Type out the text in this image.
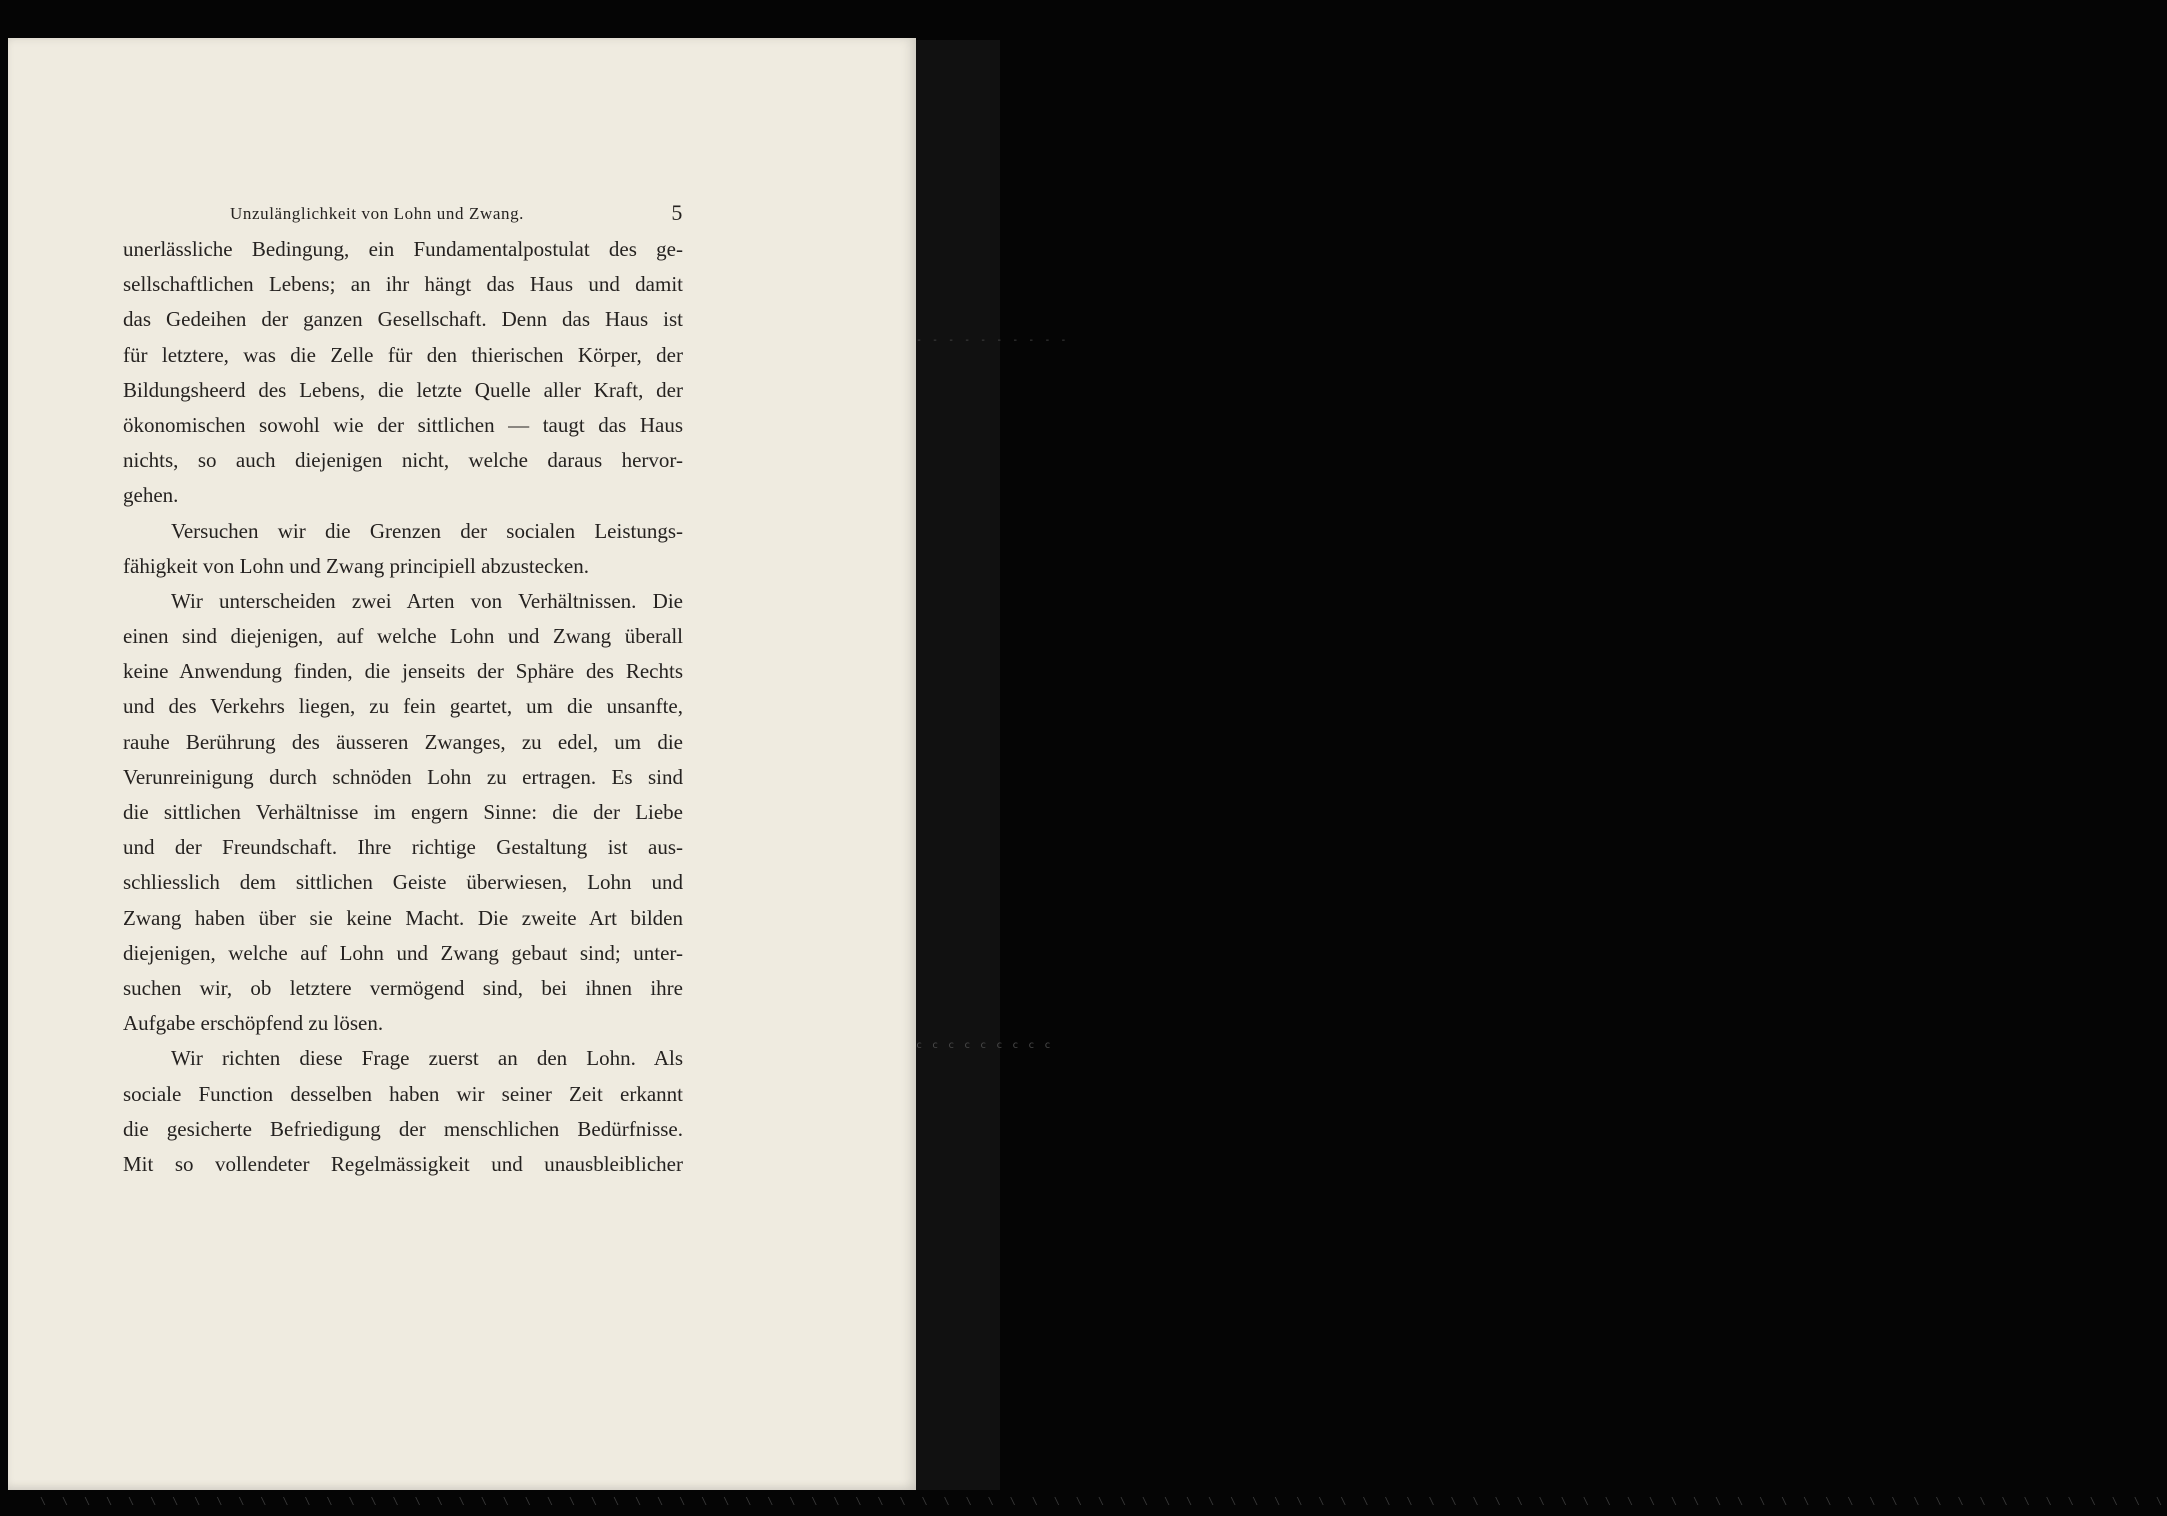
- - - - - - - - - -
c c c c c c c c c
\ \ \ \ \ \ \ \ \ \ \ \ \ \ \ \ \ \ \ \ \ \ \ \ \ \ \ \ \ \ \ \ \ \ \ \ \ \ \ \ \ \ \ \ \ \ \ \ \ \ \ \ \ \ \ \ \ \ \ \ \ \ \ \ \ \ \ \ \ \ \ \ \ \ \ \ \ \ \ \ \ \ \ \ \ \ \ \ \ \ \ \ \ \ \ \ \
Unzulänglichkeit von Lohn und Zwang.	5
unerlässliche Bedingung, ein Fundamentalpostulat des ge-
sellschaftlichen Lebens; an ihr hängt das Haus und damit
das Gedeihen der ganzen Gesellschaft. Denn das Haus ist
für letztere, was die Zelle für den thierischen Körper, der
Bildungsheerd des Lebens, die letzte Quelle aller Kraft, der
ökonomischen sowohl wie der sittlichen — taugt das Haus
nichts, so auch diejenigen nicht, welche daraus hervor-
gehen.
Versuchen wir die Grenzen der socialen Leistungs-
fähigkeit von Lohn und Zwang principiell abzustecken.
Wir unterscheiden zwei Arten von Verhältnissen. Die
einen sind diejenigen, auf welche Lohn und Zwang überall
keine Anwendung finden, die jenseits der Sphäre des Rechts
und des Verkehrs liegen, zu fein geartet, um die unsanfte,
rauhe Berührung des äusseren Zwanges, zu edel, um die
Verunreinigung durch schnöden Lohn zu ertragen. Es sind
die sittlichen Verhältnisse im engern Sinne: die der Liebe
und der Freundschaft. Ihre richtige Gestaltung ist aus-
schliesslich dem sittlichen Geiste überwiesen, Lohn und
Zwang haben über sie keine Macht. Die zweite Art bilden
diejenigen, welche auf Lohn und Zwang gebaut sind; unter-
suchen wir, ob letztere vermögend sind, bei ihnen ihre
Aufgabe erschöpfend zu lösen.
Wir richten diese Frage zuerst an den Lohn. Als
sociale Function desselben haben wir seiner Zeit erkannt
die gesicherte Befriedigung der menschlichen Bedürfnisse.
Mit so vollendeter Regelmässigkeit und unausbleiblicher
